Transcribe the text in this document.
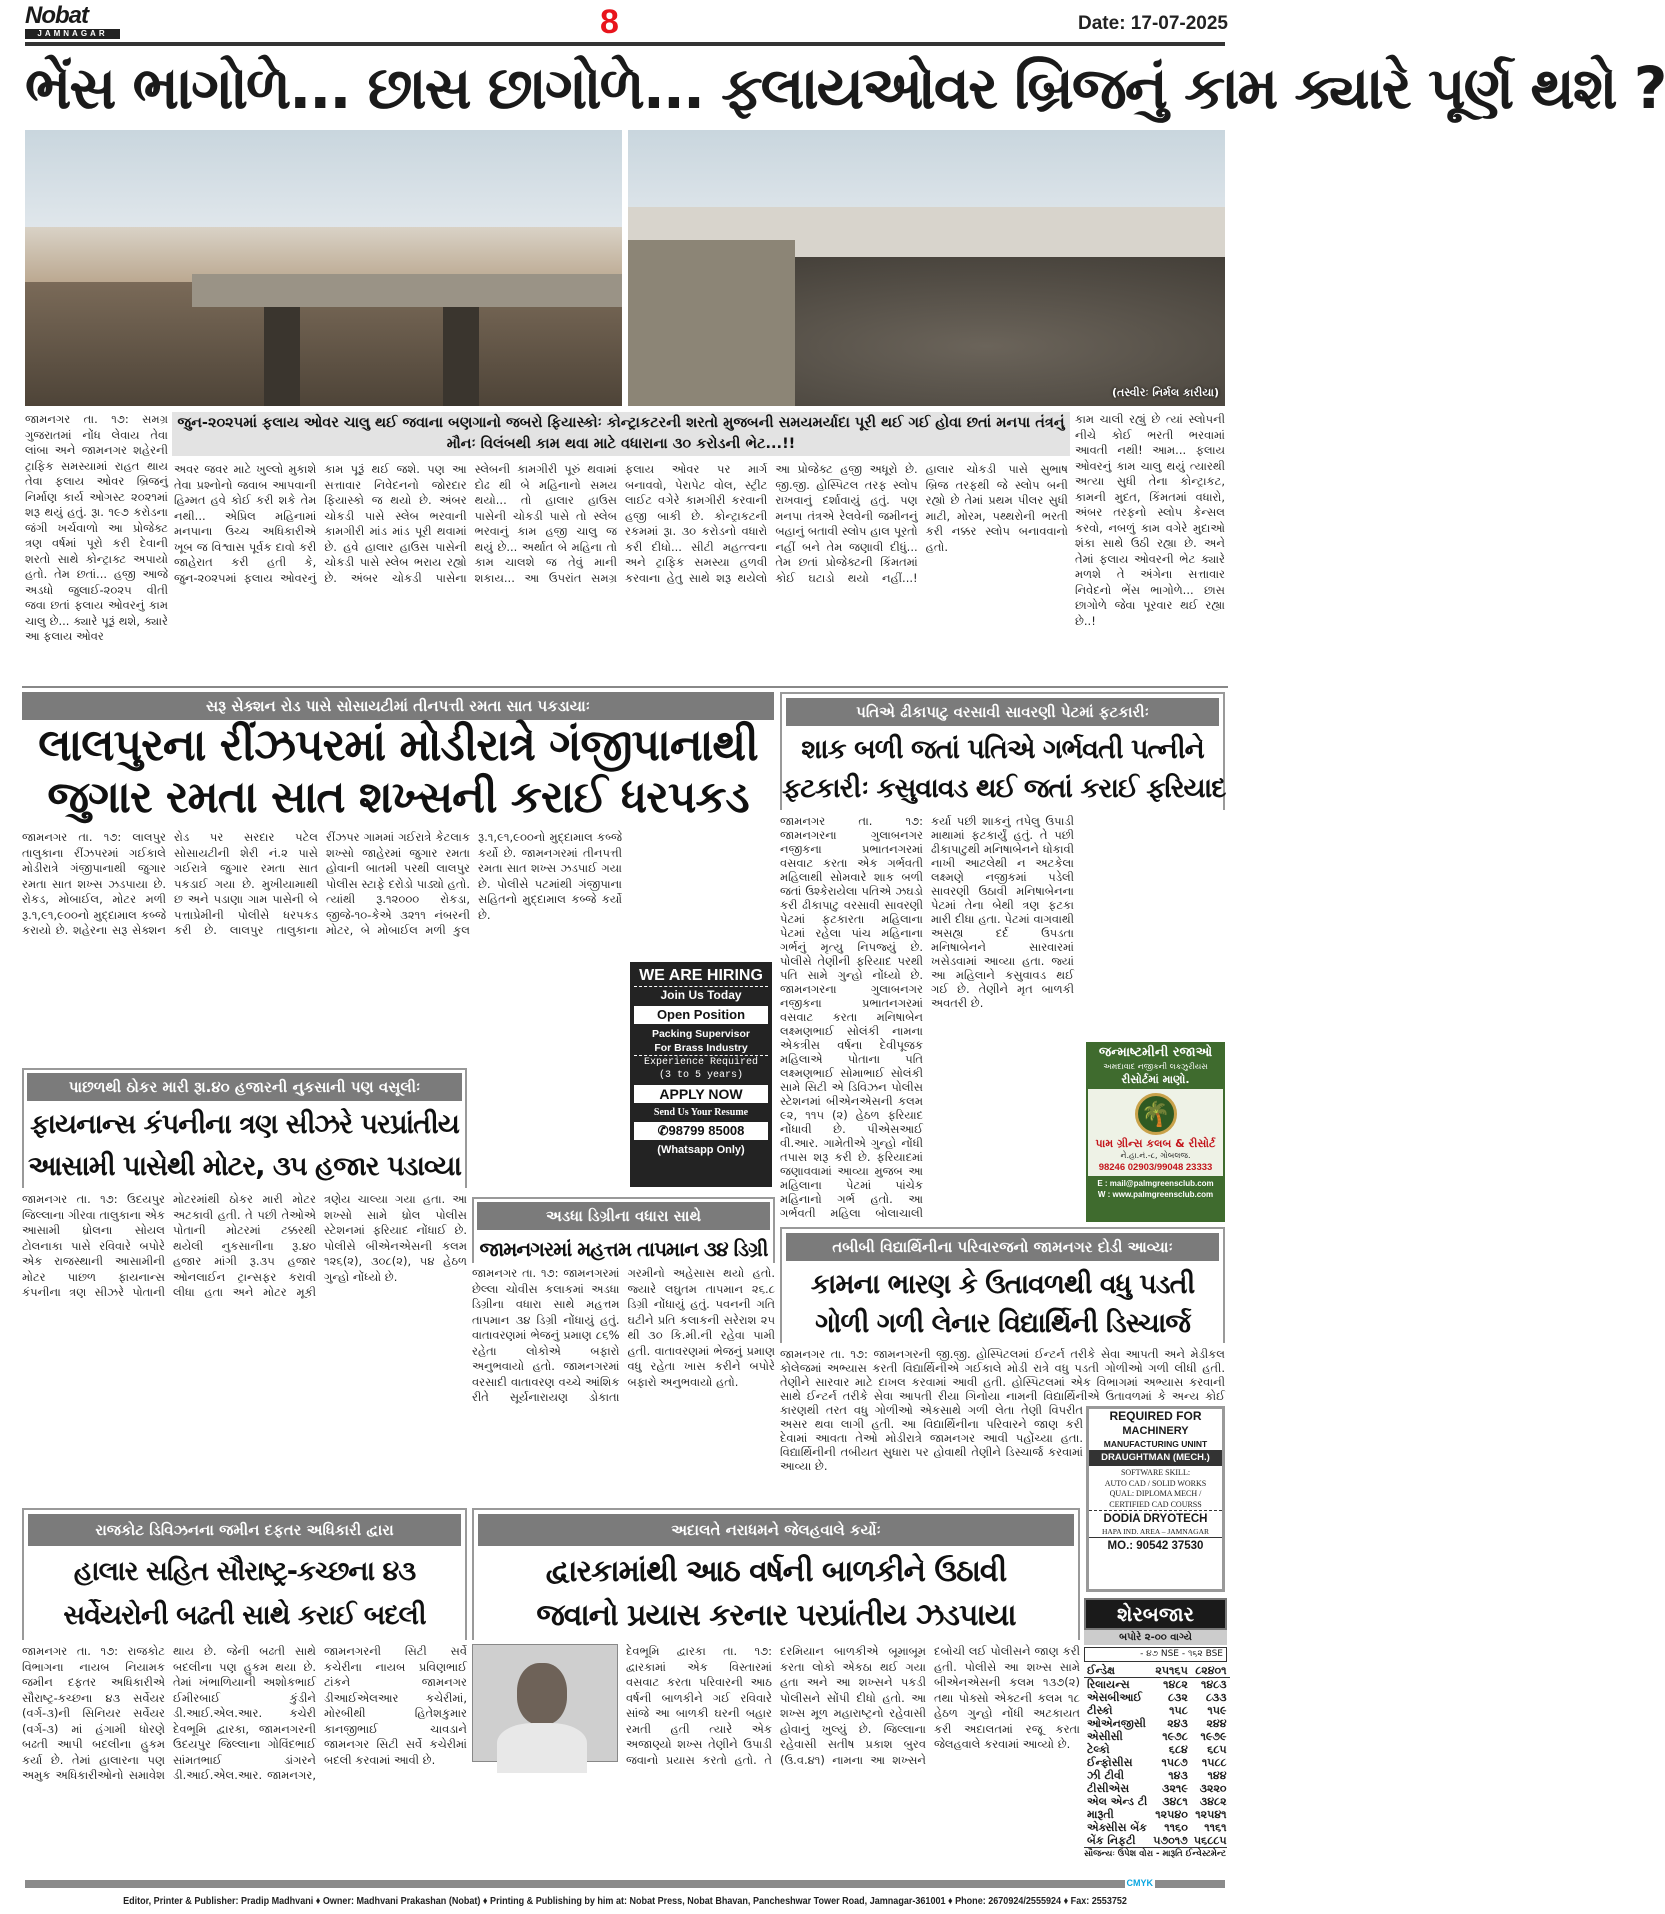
Nobat
JAMNAGAR	8	Date: 17-07-2025
ભેંસ ભાગોળે... છાસ છાગોળે... ફલાયઓવર બ્રિજનું કામ ક્યારે પૂર્ણ થશે ?
(તસ્વીરઃ નિર્મલ કારીયા)
જામનગર તા. ૧૭: સમગ્ર ગુજરાતમાં નોંધ લેવાય તેવા લાંબા અને જામનગર શહેરની ટ્રાફિક સમસ્યામાં રાહત થાય તેવા ફલાય ઓવર બ્રિજનું નિર્માણ કાર્ય ઓગસ્ટ ૨૦૨૧માં શરૂ થયું હતું. રૂા. ૧૯૭ કરોડના જંગી ખર્ચવાળો આ પ્રોજેક્ટ ત્રણ વર્ષમાં પૂરો કરી દેવાની શરતો સાથે કોન્ટ્રાક્ટ અપાયો હતો. તેમ છતાં... હજી આજે અડધો જુલાઈ-૨૦૨૫ વીતી જવા છતાં ફલાય ઓવરનું કામ ચાલુ છે... ક્યારે પૂરૂં થશે, ક્યારે આ ફલાય ઓવર
જુન-૨૦૨૫માં ફલાય ઓવર ચાલુ થઈ જવાના બણગાનો જબરો ફિયાસ્કોઃ કોન્ટ્રાકટરની શરતો મુજબની સમયમર્યાદા પૂરી થઈ ગઈ હોવા છતાં મનપા તંત્રનું મૌનઃ વિલંબથી કામ થવા માટે વધારાના ૩૦ કરોડની ભેટ...!!
અવર જવર માટે ખુલ્લો મુકાશે તેવા પ્રશ્નોનો જવાબ આપવાની હિમ્મત હવે કોઈ કરી શકે તેમ નથી... એપ્રિલ મહિનામાં મનપાના ઉચ્ચ અધિકારીએ ખૂબ જ વિશ્વાસ પૂર્વક દાવો કરી જાહેરાત કરી હતી કે, જુન-૨૦૨૫માં ફલાય ઓવરનું કામ પૂરૂં થઈ જશે. પણ આ સત્તાવાર નિવેદનનો જોરદાર ફિયાસ્કો જ થયો છે. અંબર ચોકડી પાસે સ્લેબ ભરવાની કામગીરી માંડ માંડ પૂરી થવામાં છે. હવે હાલાર હાઉસ પાસેની ચોકડી પાસે સ્લેબ ભરાય રહ્યો છે. અંબર ચોકડી પાસેના સ્લેબની કામગીરી પૂરું થવામાં દોઢ થી બે મહિનાનો સમય થયો... તો હાલાર હાઉસ પાસેની ચોકડી પાસે તો સ્લેબ ભરવાનું કામ હજી ચાલુ જ થયું છે... અર્થાત બે મહિના તો કામ ચાલશે જ તેવું માની શકાય... આ ઉપરાંત સમગ્ર ફલાય ઓવર પર માર્ગ બનાવવો, પેરાપેટ વોલ, સ્ટ્રીટ લાઈટ વગેરે કામગીરી કરવાની હજી બાકી છે. કોન્ટ્રાકટની રકમમાં રૂા. ૩૦ કરોડનો વધારો કરી દીધો... સીટી મહત્ત્વના અને ટ્રાફિક સમસ્યા હળવી કરવાના હેતુ સાથે શરૂ થયેલો આ પ્રોજેક્ટ હજી અધૂરો છે. જી.જી. હોસ્પિટલ તરફ સ્લોપ રાખવાનું દર્શાવાયું હતું. પણ મનપા તંત્રએ રેલવેની જમીનનું બહાનું બતાવી સ્લોપ હાલ પૂરતો નહીં બને તેમ જણાવી દીધું... તેમ છતાં પ્રોજેક્ટની કિંમતમાં કોઈ ઘટાડો થયો નહીં...! હાલાર ચોકડી પાસે સુભાષ બ્રિજ તરફથી જે સ્લોપ બની રહ્યો છે તેમાં પ્રથમ પીલર સુધી માટી, મોરમ, પથ્થરોની ભરતી કરી નક્કર સ્લોપ બનાવવાનો હતો.
કામ ચાલી રહ્યું છે ત્યાં સ્લોપની નીચે કોઈ ભરતી ભરવામાં આવતી નથી! આમ... ફલાય ઓવરનું કામ ચાલુ થયું ત્યારથી અત્યા સુધી તેના કોન્ટ્રાકટ, કામની મુદત, કિંમતમાં વધારો, અંબર તરફનો સ્લોપ કેન્સલ કરવો, નબળું કામ વગેરે મુદાઓ શંકા સાથે ઉઠી રહ્યા છે. અને તેમાં ફલાય ઓવરની ભેટ ક્યારે મળશે તે અંગેના સત્તાવાર નિવેદનો ભેંસ ભાગોળે... છાસ છાગોળે જેવા પૂરવાર થઈ રહ્યા છે..!
સરૂ સેક્શન રોડ પાસે સોસાયટીમાં તીનપત્તી રમતા સાત પકડાયાઃ
લાલપુરના રીંઝપરમાં મોડીરાત્રે ગંજીપાનાથી
જુગાર રમતા સાત શખ્સની કરાઈ ધરપકડ
જામનગર તા. ૧૭: લાલપુર તાલુકાના રીંઝપરમાં ગઈકાલે મોડીરાત્રે ગંજીપાનાથી જુગાર રમતા સાત શખ્સ ઝડપાયા છે. રોકડ, મોબાઈલ, મોટર મળી રૂ.૧,૯૧,૯૦૦નો મુદ્દામાલ કબ્જે કરાયો છે. શહેરના સરૂ સેક્શન રોડ પર સરદાર પટેલ સોસાયટીની શેરી નં.૨ પાસે ગઈરાત્રે જુગાર રમતા સાત પકડાઈ ગયા છે. મુખીયામાથી છ અને પડાણા ગામ પાસેની બે પત્તાપ્રેમીની પોલીસે ધરપકડ કરી છે. લાલપુર તાલુકાના રીંઝપર ગામમાં ગઈરાત્રે કેટલાક શખ્સો જાહેરમાં જુગાર રમતા હોવાની બાતમી પરથી લાલપુર પોલીસ સ્ટાફે દરોડો પાડ્યો હતો. ત્યાંથી રૂ.૧૨૦૦૦ રોકડા, જીજે-૧૦-કેએ ૩૨૧૧ નંબરની મોટર, બે મોબાઈલ મળી કુલ રૂ.૧,૯૧,૯૦૦નો મુદ્દામાલ કબ્જે કર્યો છે. જામનગરમાં તીનપત્તી રમતા સાત શખ્સ ઝડપાઈ ગયા છે. પોલીસે પટમાંથી ગંજીપાના સહિતનો મુદ્દામાલ કબ્જે કર્યો છે.
WE ARE HIRING
Join Us Today
Open Position
Packing Supervisor
For Brass Industry
Experience Required
(3 to 5 years)
APPLY NOW
Send Us Your Resume
✆98799 85008
(Whatsapp Only)
પતિએ ઢીકાપાટુ વરસાવી સાવરણી પેટમાં ફટકારીઃ
શાક બળી જતાં પતિએ ગર્ભવતી પત્નીને
ફટકારીઃ કસુવાવડ થઈ જતાં કરાઈ ફરિયાદ
જામનગર તા. ૧૭: જામનગરના ગુલાબનગર નજીકના પ્રભાતનગરમાં વસવાટ કરતા એક ગર્ભવતી મહિલાથી સોમવારે શાક બળી જતાં ઉશ્કેરાયેલા પતિએ ઝઘડો કરી ઢીકાપાટુ વરસાવી સાવરણી પેટમાં ફટકારતા મહિલાના પેટમાં રહેલા પાંચ મહિનાના ગર્ભનું મૃત્યુ નિપજ્યું છે. પોલીસે તેણીની ફરિયાદ પરથી પતિ સામે ગુન્હો નોંધ્યો છે. જામનગરના ગુલાબનગર નજીકના પ્રભાતનગરમાં વસવાટ કરતા મનિષાબેન લક્ષ્મણભાઈ સોલંકી નામના એકત્રીસ વર્ષના દેવીપૂજક મહિલાએ પોતાના પતિ લક્ષ્મણભાઈ સોમાભાઈ સોલંકી સામે સિટી એ ડિવિઝન પોલીસ સ્ટેશનમાં બીએનએસની કલમ ૯૨, ૧૧૫ (૨) હેઠળ ફરિયાદ નોંધાવી છે. પીએસઆઈ વી.આર. ગામેતીએ ગુન્હો નોંધી તપાસ શરૂ કરી છે. ફરિયાદમાં જણાવવામાં આવ્યા મુજબ આ મહિલાના પેટમાં પાંચેક મહિનાનો ગર્ભ હતો. આ ગર્ભવતી મહિલા બોલાચાલી કર્યા પછી શાકનું તપેલુ ઉપાડી માથામાં ફટકાર્યું હતું. તે પછી ઢીકાપાટુથી મનિષાબેનને ધોકાવી નાખી આટલેથી ન અટકેલા લક્ષ્મણે નજીકમાં પડેલી સાવરણી ઉઠાવી મનિષાબેનના પેટમાં તેના બેથી ત્રણ ફટકા મારી દીધા હતા. પેટમાં વાગવાથી અસહ્ય દર્દ ઉપડતા મનિષાબેનને સારવારમાં ખસેડવામાં આવ્યા હતા. જ્યાં આ મહિલાને કસુવાવડ થઈ ગઈ છે. તેણીને મૃત બાળકી અવતરી છે.
જન્માષ્ટમીની રજાઓ
અમદાવાદ નજીકની લક્ઝુરીયસ
રીસોર્ટમાં માણો.
🌴
પામ ગ્રીન્સ કલબ & રીસોર્ટ
ને.હા.નં.-૮, ગોબલજ.
98246 02903/99048 23333
E : mail@palmgreensclub.com
W : www.palmgreensclub.com
પાછળથી ઠોકર મારી રૂા.૪૦ હજારની નુકસાની પણ વસૂલીઃ
ફાયનાન્સ કંપનીના ત્રણ સીઝરે પરપ્રાંતીય
આસામી પાસેથી મોટર, ૩૫ હજાર પડાવ્યા
જામનગર તા. ૧૭: ઉદયપુર જિલ્લાના ગીરવા તાલુકાના એક આસામી ધ્રોલના સોયલ ટોલનાકા પાસે રવિવારે બપોરે એક રાજસ્થાની આસામીની મોટર પાછળ ફાયનાન્સ કંપનીના ત્રણ સીઝરે પોતાની મોટરમાંથી ઠોકર મારી મોટર અટકાવી હતી. તે પછી તેઓએ પોતાની મોટરમાં ટક્કરથી થયેલી નુકસાનીના રૂ.૪૦ હજાર માંગી રૂ.૩૫ હજાર ઓનલાઈન ટ્રાન્સફર કરાવી લીધા હતા અને મોટર મૂકી ત્રણેય ચાલ્યા ગયા હતા. આ શખ્સો સામે ધ્રોલ પોલીસ સ્ટેશનમાં ફરિયાદ નોંધાઈ છે. પોલીસે બીએનએસની કલમ ૧૨૬(૨), ૩૦૮(૨), ૫૪ હેઠળ ગુન્હો નોંધ્યો છે.
અડધા ડિગ્રીના વધારા સાથે
જામનગરમાં મહત્તમ તાપમાન ૩૪ ડિગ્રી
જામનગર તા. ૧૭: જામનગરમાં છેલ્લા ચોવીસ કલાકમાં અડધા ડિગ્રીના વધારા સાથે મહત્તમ તાપમાન ૩૪ ડિગ્રી નોંધાયું હતું. વાતાવરણમાં ભેજનું પ્રમાણ ૮૬% રહેતા લોકોએ બફારો અનુભવાયો હતો. જામનગરમાં વરસાદી વાતાવરણ વચ્ચે આંશિક રીતે સૂર્યનારાયણ ડોકાતા ગરમીનો અહેસાસ થયો હતો. જ્યારે લઘુતમ તાપમાન ૨૬.૮ ડિગ્રી નોંધાયું હતું. પવનની ગતિ ઘટીને પ્રતિ કલાકની સરેરાશ ૨૫ થી ૩૦ કિ.મી.ની રહેવા પામી હતી. વાતાવરણમાં ભેજનું પ્રમાણ વધુ રહેતા ખાસ કરીને બપોરે બફારો અનુભવાયો હતો.
તબીબી વિદ્યાર્થિનીના પરિવારજનો જામનગર દોડી આવ્યાઃ
કામના ભારણ કે ઉતાવળથી વધુ પડતી
ગોળી ગળી લેનાર વિદ્યાર્થિની ડિસ્ચાર્જ
જામનગર તા. ૧૭: જામનગરની જી.જી. હોસ્પિટલમાં ઈન્ટર્ન તરીકે સેવા આપતી અને મેડીકલ કોલેજમાં અભ્યાસ કરતી વિદ્યાર્થિનીએ ગઈકાલે મોડી રાત્રે વધુ પડતી ગોળીઓ ગળી લીધી હતી. તેણીને સારવાર માટે દાખલ કરવામાં આવી હતી. હોસ્પિટલમાં એક વિભાગમાં અભ્યાસ કરવાની સાથે ઈન્ટર્ન તરીકે સેવા આપતી રીયા ગિનોયા નામની વિદ્યાર્થિનીએ ઉતાવળમાં કે અન્ય કોઈ કારણથી તરત વધુ ગોળીઓ એકસાથે ગળી લેતા તેણી વિપરીત અસર થવા લાગી હતી. આ વિદ્યાર્થિનીના પરિવારને જાણ કરી દેવામાં આવતા તેઓ મોડીરાત્રે જામનગર આવી પહોંચ્યા હતા. વિદ્યાર્થિનીની તબીયત સુધારા પર હોવાથી તેણીને ડિસ્ચાર્જ કરવામાં આવ્યા છે.
REQUIRED FOR
MACHINERY
MANUFACTURING UNINT
DRAUGHTMAN (MECH.)
SOFTWARE SKILL:
AUTO CAD / SOLID WORKS
QUAL: DIPLOMA MECH /
CERTIFIED CAD COURSS
DODIA DRYOTECH
HAPA IND. AREA – JAMNAGAR
MO.: 90542 37530
શેરબજાર
બપોરે ૨-૦૦ વાગ્યે
- ૪૭ NSE - ૧૬૨ BSE
ઈન્ડેક્ષ	૨૫૧૬૫	૮૨૪૦૧
રિલાયન્સ	૧૪૮૨	૧૪૮૩
એસબીઆઈ	૮૩૨	૮૩૩
ટીસ્કો	૧૫૮	૧૫૯
ઓએનજીસી	૨૪૩	૨૪૪
એસીસી	૧૯૭૮	૧૯૭૯
ટેલ્કો	૬૮૪	૬૮૫
ઈન્ફોસીસ	૧૫૮૭	૧૫૮૮
ઝી ટીવી	૧૪૩	૧૪૪
ટીસીએસ	૩૨૧૯	૩૨૨૦
એલ એન્ડ ટી	૩૪૮૧	૩૪૮૨
મારૂતી	૧૨૫૪૦	૧૨૫૪૧
એક્સીસ બેંક	૧૧૬૦	૧૧૬૧
બેંક નિફટી	૫૭૦૧૭	૫૬૮૮૫
સૌજન્યઃ ઉપેશ વોરા - મારૂતિ ઈન્વેસ્ટમેન્ટ
રાજકોટ ડિવિઝનના જમીન દફતર અધિકારી દ્વારા
હાલાર સહિત સૌરાષ્ટ્ર-કચ્છના ૪૩
સર્વેયરોની બઢતી સાથે કરાઈ બદલી
જામનગર તા. ૧૭: રાજકોટ વિભાગના નાયબ નિયામક જમીન દફતર અધિકારીએ સૌરાષ્ટ્ર-કચ્છના ૪૩ સર્વેયર (વર્ગ-૩)ની સિનિયર સર્વેયર (વર્ગ-૩) માં હંગામી ધોરણે બઢતી આપી બદલીના હુકમ કર્યા છે. તેમાં હાલારના પણ અમુક અધિકારીઓનો સમાવેશ થાય છે. જેની બઢતી સાથે બદલીના પણ હુકમ થયા છે. તેમાં ખંભાળિયાની અશોકભાઈ ઈમીરબાઈ કુંડીને ડી.આઈ.એલ.આર. કચેરી દેવભૂમિ દ્વારકા, જામનગરની ઉદયપુર જિલ્લાના ગોવિંદભાઈ સાંમતભાઈ ડાંગરને ડી.આઈ.એલ.આર. જામનગર, જામનગરની સિટી સર્વે કચેરીના નાયબ પ્રવિણભાઈ ટાંકને જામનગર ડીઆઈએલઆર કચેરીમાં, મોરબીથી હિતેશકુમાર કાનજીભાઈ ચાવડાને જામનગર સિટી સર્વે કચેરીમાં બદલી કરવામાં આવી છે.
અદાલતે નરાધમને જેલહવાલે કર્યોઃ
દ્વારકામાંથી આઠ વર્ષની બાળકીને ઉઠાવી
જવાનો પ્રયાસ કરનાર પરપ્રાંતીય ઝડપાયા
દેવભૂમિ દ્વારકા તા. ૧૭: દ્વારકામાં એક વિસ્તારમાં વસવાટ કરતા પરિવારની આઠ વર્ષની બાળકીને ગઈ રવિવારે સાંજે આ બાળકી ઘરની બહાર રમતી હતી ત્યારે એક અજાણ્યો શખ્સ તેણીને ઉપાડી જવાનો પ્રયાસ કરતો હતો. તે દરમિયાન બાળકીએ બૂમાબૂમ કરતા લોકો એકઠા થઈ ગયા હતા અને આ શખ્સને પકડી પોલીસને સોંપી દીધો હતો. આ શખ્સ મૂળ મહારાષ્ટ્રનો રહેવાસી હોવાનું ખુલ્યું છે. જિલ્લાના રહેવાસી સતીષ પ્રકાશ બુરવ (ઉ.વ.૪૧) નામના આ શખ્સને દબોચી લઈ પોલીસને જાણ કરી હતી. પોલીસે આ શખ્સ સામે બીએનએસની કલમ ૧૩૭(૨) તથા પોક્સો એક્ટની કલમ ૧૮ હેઠળ ગુન્હો નોંધી અટકાયત કરી અદાલતમાં રજૂ કરતા જેલહવાલે કરવામાં આવ્યો છે.
CMYK
Editor, Printer & Publisher: Pradip Madhvani ♦ Owner: Madhvani Prakashan (Nobat) ♦ Printing & Publishing by him at: Nobat Press, Nobat Bhavan, Pancheshwar Tower Road, Jamnagar-361001 ♦ Phone: 2670924/2555924 ♦ Fax: 2553752
